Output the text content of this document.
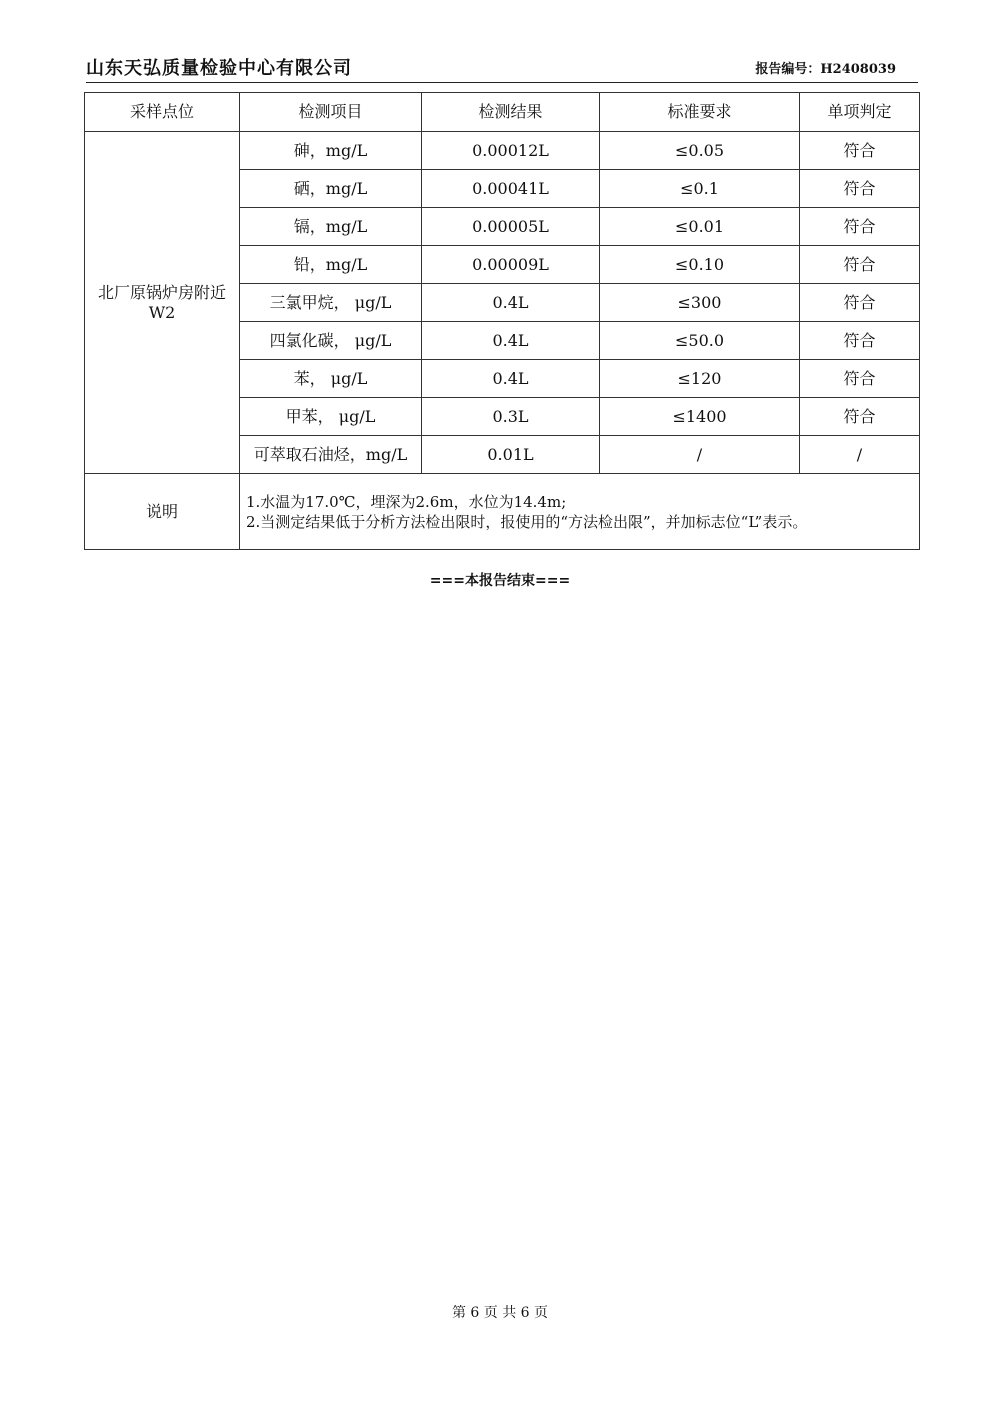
山东天弘质量检验中心有限公司	报告编号：H2408039
采样点位	检测项目	检测结果	标准要求	单项判定
北厂原锅炉房附近
W2	砷，mg/L	0.00012L	≤0.05	符合
	硒，mg/L	0.00041L	≤0.1	符合
	镉，mg/L	0.00005L	≤0.01	符合
	铅，mg/L	0.00009L	≤0.10	符合
	三氯甲烷， μg/L	0.4L	≤300	符合
	四氯化碳， μg/L	0.4L	≤50.0	符合
	苯， μg/L	0.4L	≤120	符合
	甲苯， μg/L	0.3L	≤1400	符合
	可萃取石油烃，mg/L	0.01L	/	/
说明	1.水温为17.0℃，埋深为2.6m，水位为14.4m;
2.当测定结果低于分析方法检出限时，报使用的“方法检出限”，并加标志位“L”表示。			
===本报告结束===
第 6 页 共 6 页
